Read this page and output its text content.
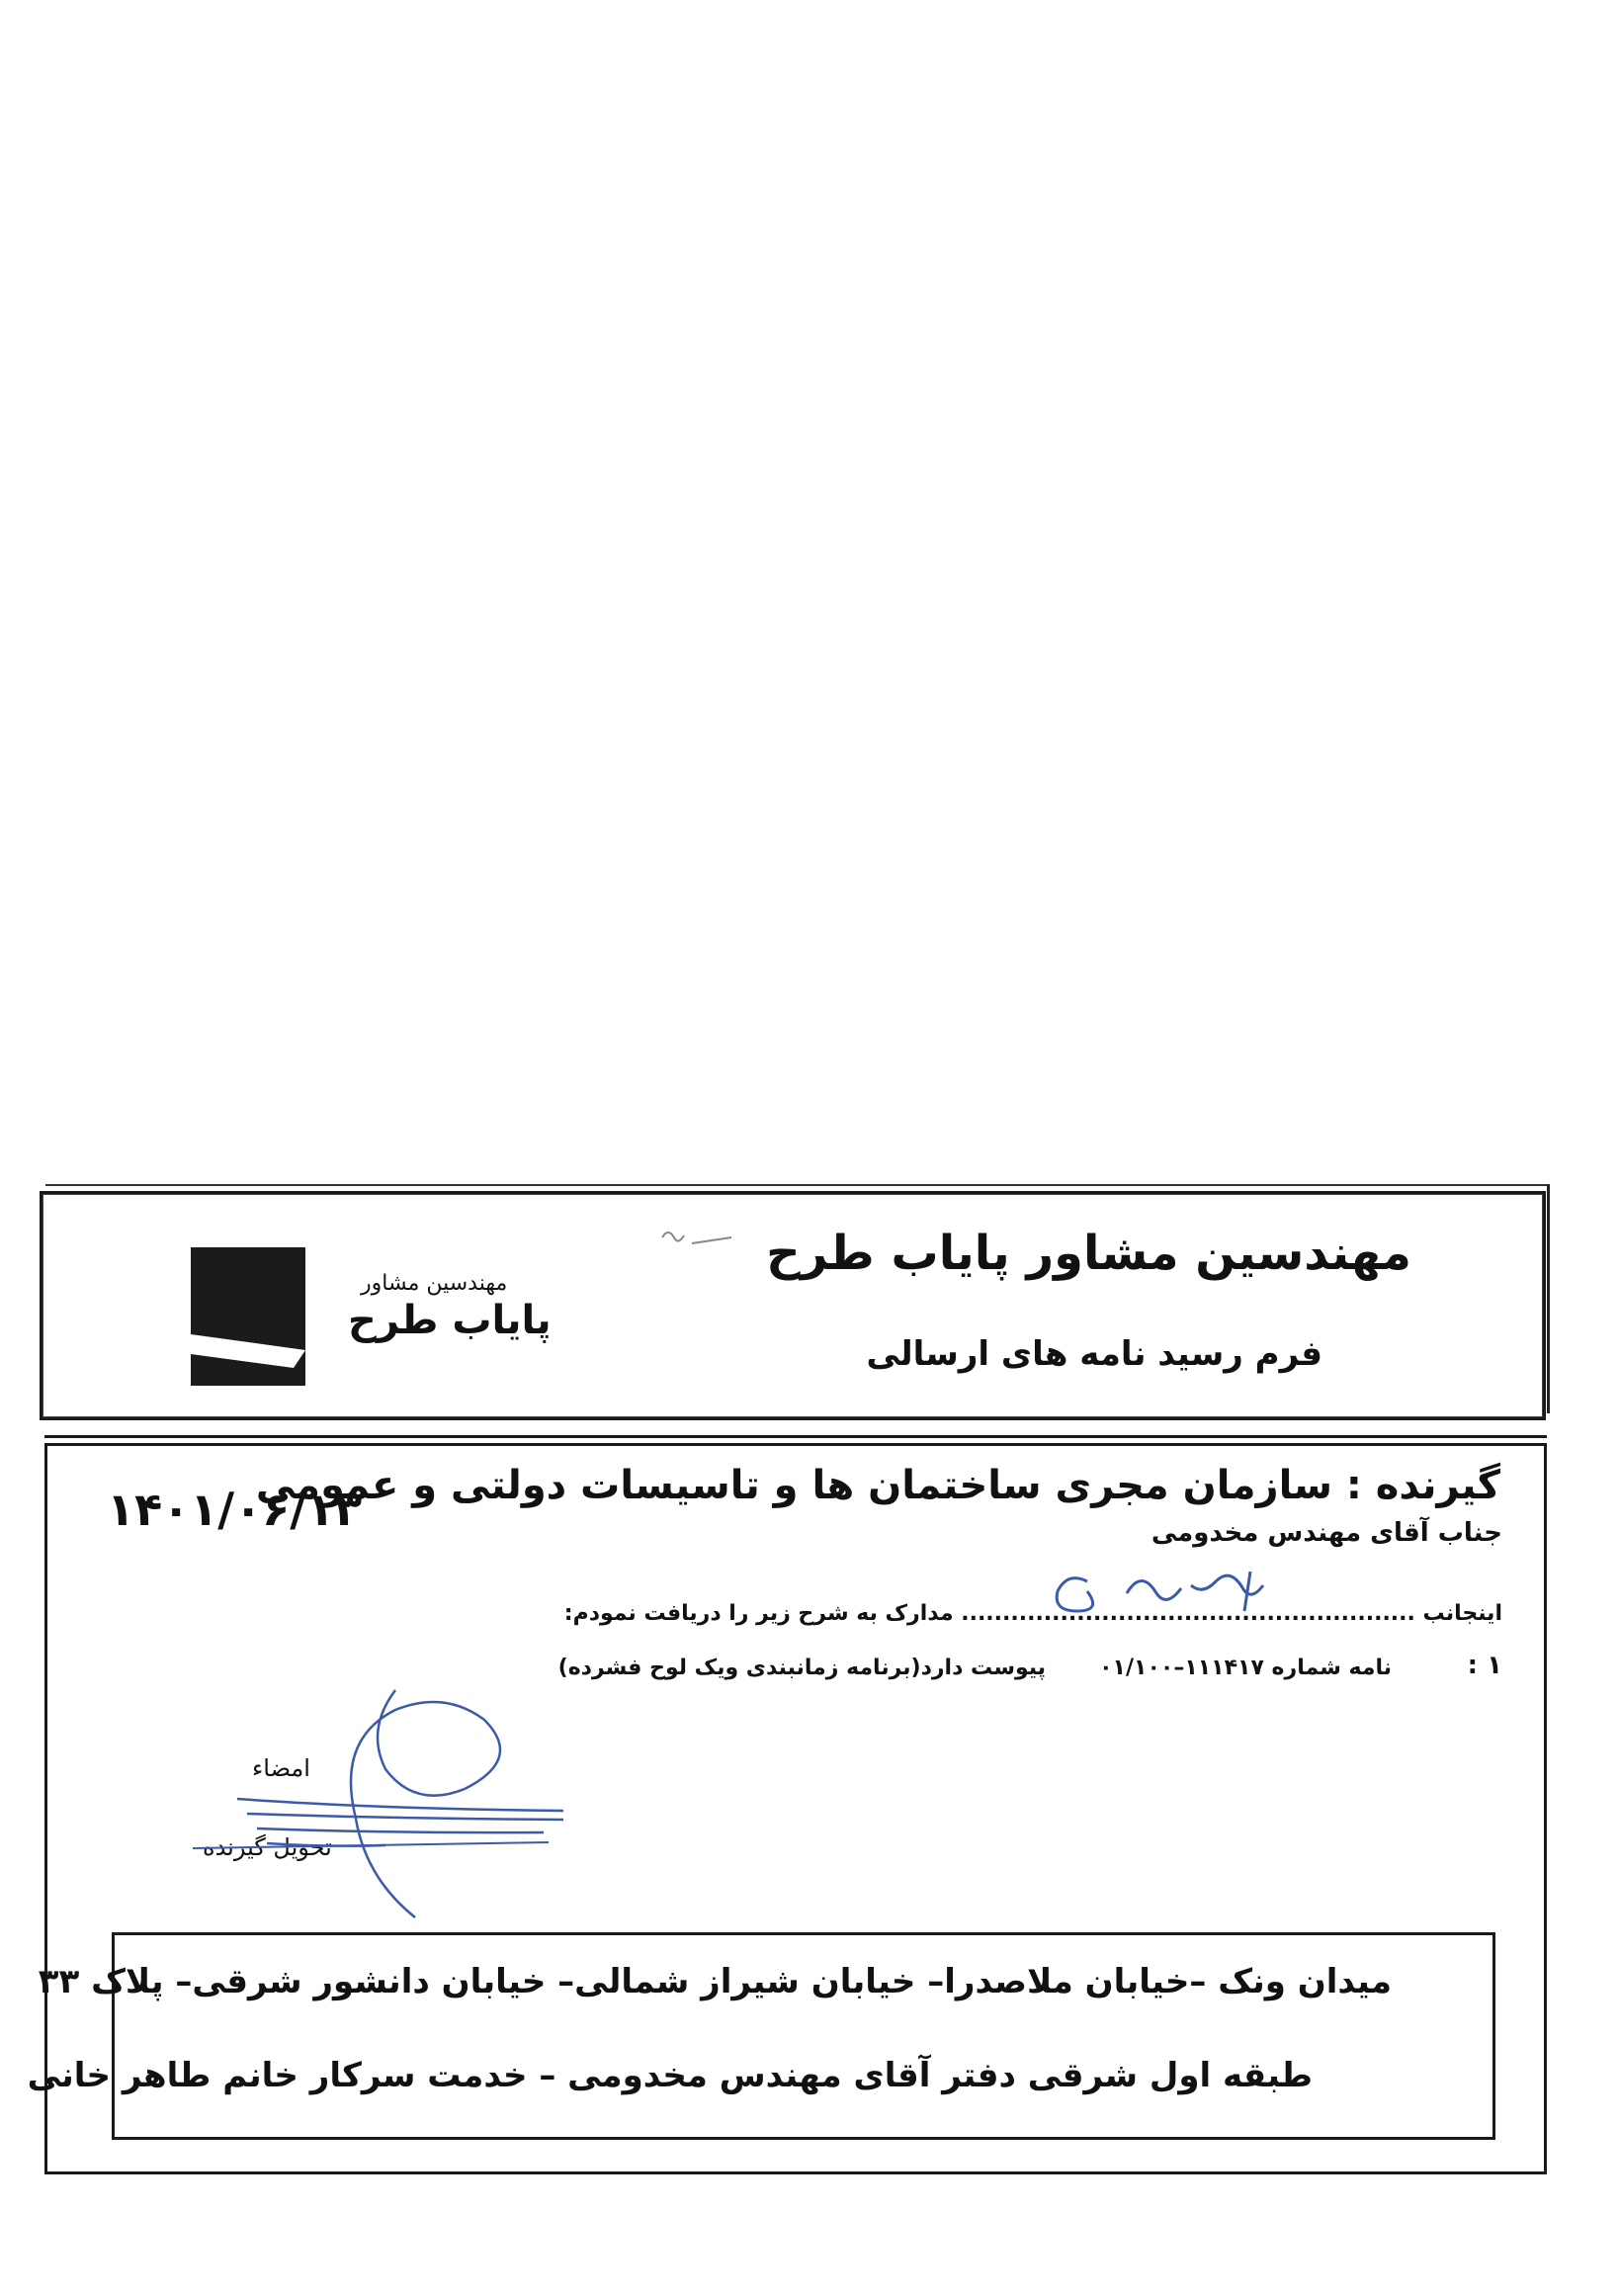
مهندسین مشاور پایاب طرح
فرم رسید نامه های ارسالی
مهندسین مشاور
پایاب طرح
۱۴۰۱/۰۶/۱۳
گیرنده : سازمان مجری ساختمان ها و تاسیسات دولتی و عمومی
جناب آقای مهندس مخدومی
اینجانب ....................................................... مدارک به شرح زیر را دریافت نمودم:
۱ :
نامه شماره ۱۱۱۴۱۷–۰۱/۱۰۰
پیوست دارد(برنامه زمانبندی ویک لوح فشرده)
امضاء
تحویل گیرنده
میدان ونک –خیابان ملاصدرا– خیابان شیراز شمالی– خیابان دانشور شرقی– پلاک ۳۳
طبقه اول شرقی دفتر آقای مهندس مخدومی – خدمت سرکار خانم طاهر خانی
